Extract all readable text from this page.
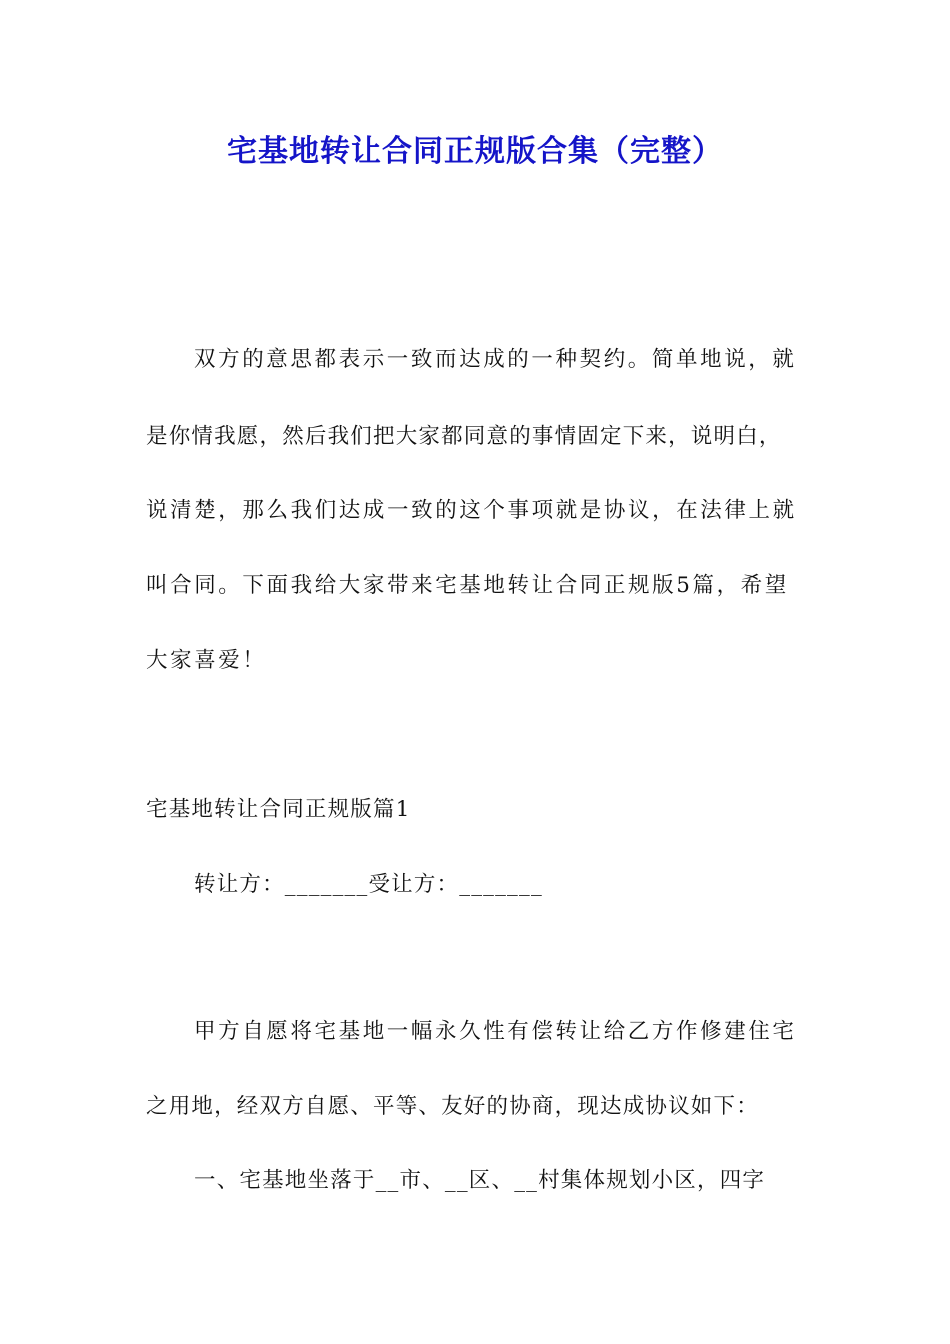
宅基地转让合同正规版合集（完整）
双方的意思都表示一致而达成的一种契约。简单地说，就
是你情我愿，然后我们把大家都同意的事情固定下来，说明白，
说清楚，那么我们达成一致的这个事项就是协议，在法律上就
叫合同。下面我给大家带来宅基地转让合同正规版5篇，希望
大家喜爱！
宅基地转让合同正规版篇1
转让方：_______受让方：_______
甲方自愿将宅基地一幅永久性有偿转让给乙方作修建住宅
之用地，经双方自愿、平等、友好的协商，现达成协议如下：
一、宅基地坐落于__市、__区、__村集体规划小区，四字
